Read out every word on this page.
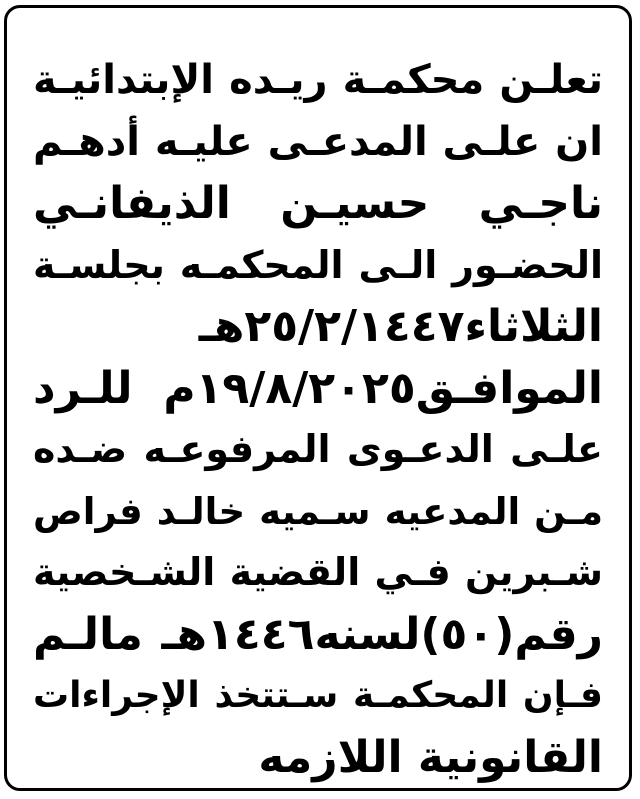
تعلـن محكمـة ريـده الإبتدائيـة
ان علـى المدعـى عليـه أدهـم
ناجـي حسيـن الذيفانـي
الحضـور الـى المحكمـه بجلسـة
الثلاثاء٢٥/٢/١٤٤٧هـ
الموافـق١٩/٨/٢٠٢٥م للـرد
علـى الدعـوى المرفوعـه ضـده
مـن المدعيه سـميه خالـد فراص
شـبرين فـي القضية الشـخصية
رقم(٥٠)لسنه١٤٤٦هـ مالـم
فـإن المحكمـة سـتتخذ الإجراءات
القانونية اللازمه
